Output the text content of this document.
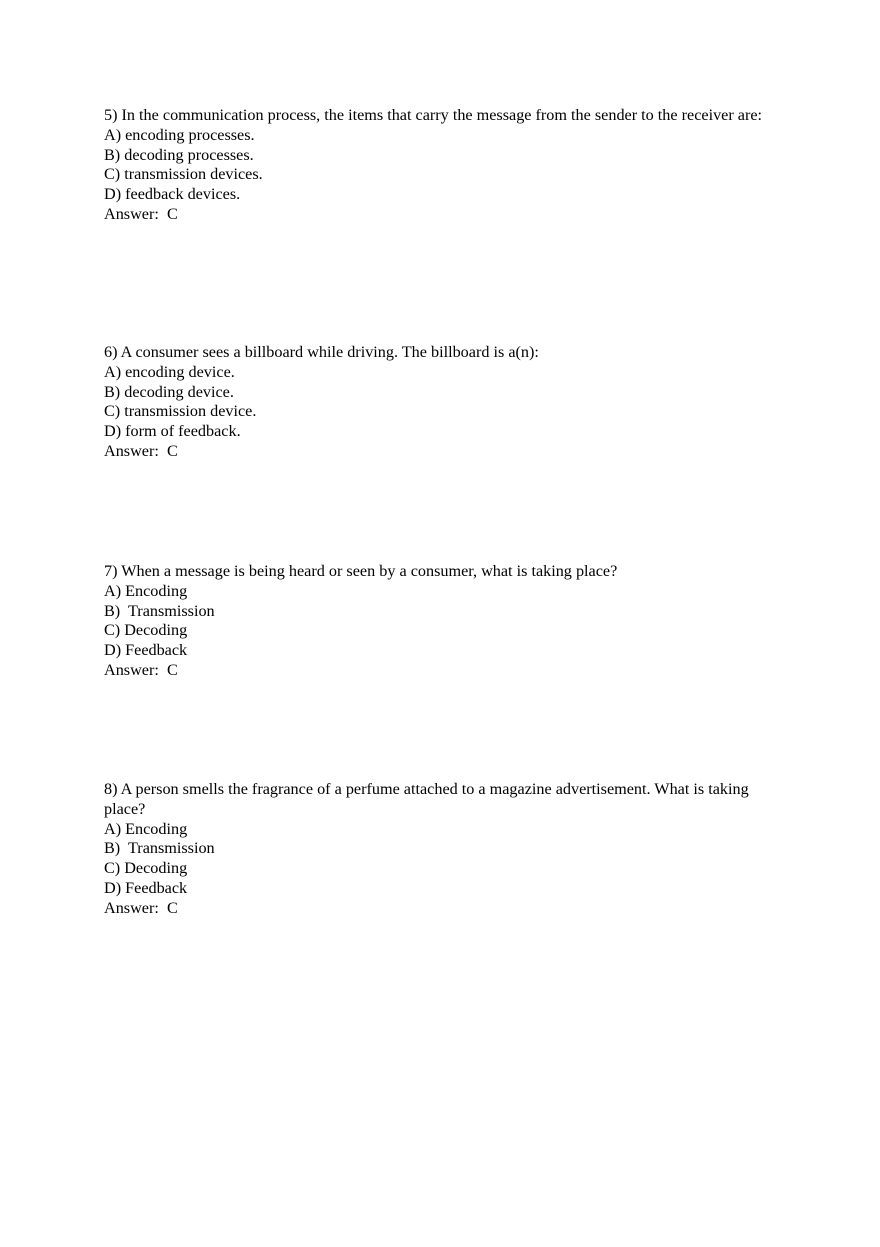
5) In the communication process, the items that carry the message from the sender to the receiver are:
A) encoding processes.
B) decoding processes.
C) transmission devices.
D) feedback devices.
Answer:  C
6) A consumer sees a billboard while driving. The billboard is a(n):
A) encoding device.
B) decoding device.
C) transmission device.
D) form of feedback.
Answer:  C
7) When a message is being heard or seen by a consumer, what is taking place?
A) Encoding
B)  Transmission
C) Decoding
D) Feedback
Answer:  C
8) A person smells the fragrance of a perfume attached to a magazine advertisement. What is taking place?
A) Encoding
B)  Transmission
C) Decoding
D) Feedback
Answer:  C
